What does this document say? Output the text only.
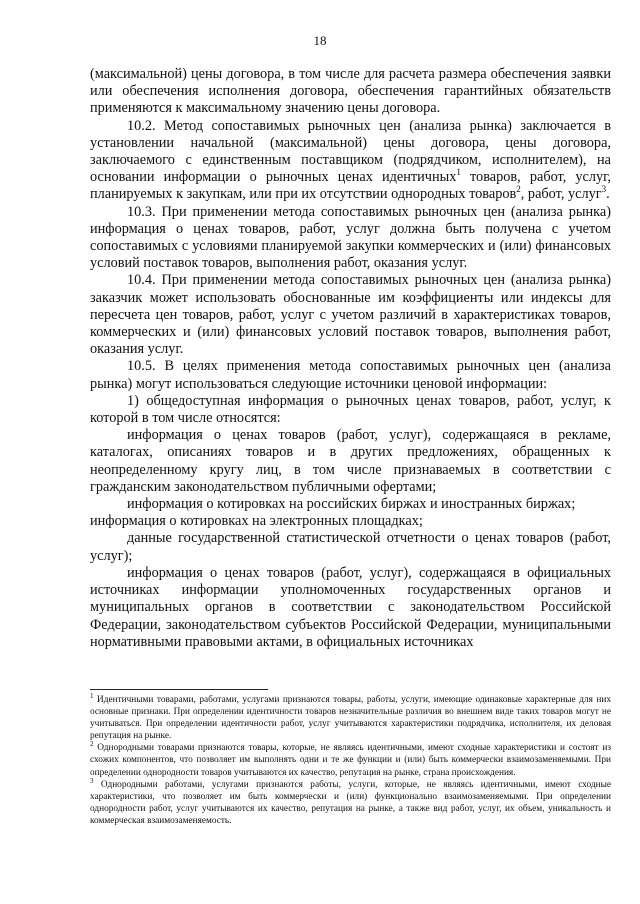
18

(максимальной) цены договора, в том числе для расчета размера обеспечения заявки или обеспечения исполнения договора, обеспечения гарантийных обязательств применяются к максимальному значению цены договора.

10.2. Метод сопоставимых рыночных цен (анализа рынка) заключается в установлении начальной (максимальной) цены договора, цены договора, заключаемого с единственным поставщиком (подрядчиком, исполнителем), на основании информации о рыночных ценах идентичных$^1$ товаров, работ, услуг, планируемых к закупкам, или при их отсутствии однородных товаров$^2$, работ, услуг$^3$.

10.3. При применении метода сопоставимых рыночных цен (анализа рынка) информация о ценах товаров, работ, услуг должна быть получена с учетом сопоставимых с условиями планируемой закупки коммерческих и (или) финансовых условий поставок товаров, выполнения работ, оказания услуг.

10.4. При применении метода сопоставимых рыночных цен (анализа рынка) заказчик может использовать обоснованные им коэффициенты или индексы для пересчета цен товаров, работ, услуг с учетом различий в характеристиках товаров, коммерческих и (или) финансовых условий поставок товаров, выполнения работ, оказания услуг.

10.5. В целях применения метода сопоставимых рыночных цен (анализа рынка) могут использоваться следующие источники ценовой информации:

1) общедоступная информация о рыночных ценах товаров, работ, услуг, к которой в том числе относятся:

информация о ценах товаров (работ, услуг), содержащаяся в рекламе, каталогах, описаниях товаров и в других предложениях, обращенных к неопределенному кругу лиц, в том числе признаваемых в соответствии с гражданским законодательством публичными офертами;

информация о котировках на российских биржах и иностранных биржах;

информация о котировках на электронных площадках;

данные государственной статистической отчетности о ценах товаров (работ, услуг);

информация о ценах товаров (работ, услуг), содержащаяся в официальных источниках информации уполномоченных государственных органов и муниципальных органов в соответствии с законодательством Российской Федерации, законодательством субъектов Российской Федерации, муниципальными нормативными правовыми актами, в официальных источниках

$^1$ Идентичными товарами, работами, услугами признаются товары, работы, услуги, имеющие одинаковые характерные для них основные признаки. При определении идентичности товаров незначительные различия во внешнем виде таких товаров могут не учитываться. При определении идентичности работ, услуг учитываются характеристики подрядчика, исполнителя, их деловая репутация на рынке.

$^2$ Однородными товарами признаются товары, которые, не являясь идентичными, имеют сходные характеристики и состоят из схожих компонентов, что позволяет им выполнять одни и те же функции и (или) быть коммерчески взаимозаменяемыми. При определении однородности товаров учитываются их качество, репутация на рынке, страна происхождения.

$^3$ Однородными работами, услугами признаются работы, услуги, которые, не являясь идентичными, имеют сходные характеристики, что позволяет им быть коммерчески и (или) функционально взаимозаменяемыми. При определении однородности работ, услуг учитываются их качество, репутация на рынке, а также вид работ, услуг, их объем, уникальность и коммерческая взаимозаменяемость.
